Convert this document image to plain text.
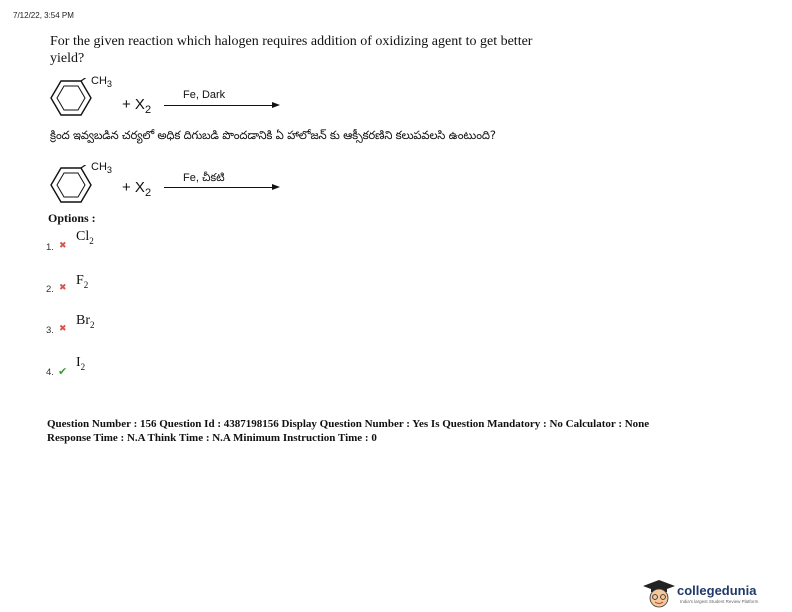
7/12/22, 3:54 PM
For the given reaction which halogen requires addition of oxidizing agent to get better yield?
$CH_3$
+ $X_2$
Fe, Dark
క్రింద ఇవ్వబడిన చర్యలో అధిక దిగుబడి పొందడానికి ఏ హాలోజన్ కు ఆక్సీకరణిని కలుపవలసి ఉంటుంది?
$CH_3$
+ $X_2$
Fe, చీకటి
Options :
1. ✖
$Cl_2$
2. ✖ $F_2$
3. ✖
$Br_2$
4. ✔
$I_2$
Question Number : 156 Question Id : 4387198156 Display Question Number : Yes Is Question Mandatory : No Calculator : None
Response Time : N.A Think Time : N.A Minimum Instruction Time : 0
collegedunia
India's largest Student Review Platform
